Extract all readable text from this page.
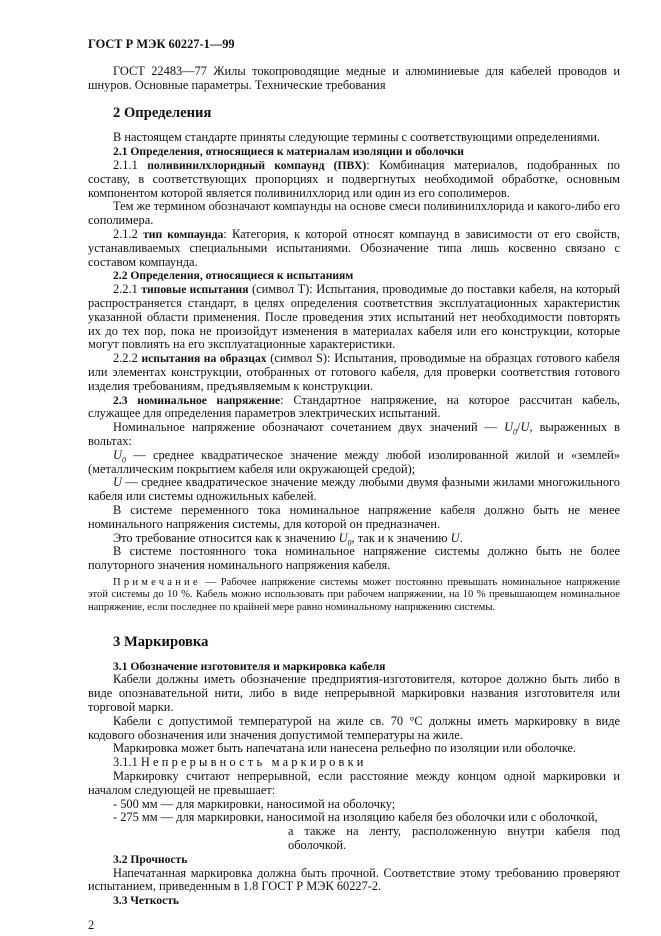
ГОСТ Р МЭК 60227-1—99

ГОСТ 22483—77 Жилы токопроводящие медные и алюминиевые для кабелей проводов и шнуров. Основные параметры. Технические требования

2 Определения

В настоящем стандарте приняты следующие термины с соответствующими определениями.

2.1 Определения, относящиеся к материалам изоляции и оболочки

2.1.1 поливинилхлоридный компаунд (ПВХ): Комбинация материалов, подобранных по составу, в соответствующих пропорциях и подвергнутых необходимой обработке, основным компонентом которой является поливинилхлорид или один из его сополимеров.

Тем же термином обозначают компаунды на основе смеси поливинилхлорида и какого-либо его сополимера.

2.1.2 тип компаунда: Категория, к которой относят компаунд в зависимости от его свойств, устанавливаемых специальными испытаниями. Обозначение типа лишь косвенно связано с составом компаунда.

2.2 Определения, относящиеся к испытаниям

2.2.1 типовые испытания (символ T): Испытания, проводимые до поставки кабеля, на который распространяется стандарт, в целях определения соответствия эксплуатационных характеристик указанной области применения. После проведения этих испытаний нет необходимости повторять их до тех пор, пока не произойдут изменения в материалах кабеля или его конструкции, которые могут повлиять на его эксплуатационные характеристики.

2.2.2 испытания на образцах (символ S): Испытания, проводимые на образцах готового кабеля или элементах конструкции, отобранных от готового кабеля, для проверки соответствия готового изделия требованиям, предъявляемым к конструкции.

2.3 номинальное напряжение: Стандартное напряжение, на которое рассчитан кабель, служащее для определения параметров электрических испытаний.

Номинальное напряжение обозначают сочетанием двух значений — $U_0/U$, выраженных в вольтах:

$U_0$ — среднее квадратическое значение между любой изолированной жилой и «землей» (металлическим покрытием кабеля или окружающей средой);

U — среднее квадратическое значение между любыми двумя фазными жилами многожильного кабеля или системы одножильных кабелей.

В системе переменного тока номинальное напряжение кабеля должно быть не менее номинального напряжения системы, для которой он предназначен.

Это требование относится как к значению $U_0$, так и к значению U.

В системе постоянного тока номинальное напряжение системы должно быть не более полуторного значения номинального напряжения кабеля.

Примечание — Рабочее напряжение системы может постоянно превышать номинальное напряжение этой системы до 10 %. Кабель можно использовать при рабочем напряжении, на 10 % превышающем номинальное напряжение, если последнее по крайней мере равно номинальному напряжению системы.

3 Маркировка

3.1 Обозначение изготовителя и маркировка кабеля

Кабели должны иметь обозначение предприятия-изготовителя, которое должно быть либо в виде опознавательной нити, либо в виде непрерывной маркировки названия изготовителя или торговой марки.

Кабели с допустимой температурой на жиле св. 70 °С должны иметь маркировку в виде кодового обозначения или значения допустимой температуры на жиле.

Маркировка может быть напечатана или нанесена рельефно по изоляции или оболочке.

3.1.1 Непрерывность маркировки

Маркировку считают непрерывной, если расстояние между концом одной маркировки и началом следующей не превышает:

- 500 мм — для маркировки, наносимой на оболочку;

- 275 мм — для маркировки, наносимой на изоляцию кабеля без оболочки или с оболочкой,

а также на ленту, расположенную внутри кабеля под оболочкой.

3.2 Прочность

Напечатанная маркировка должна быть прочной. Соответствие этому требованию проверяют испытанием, приведенным в 1.8 ГОСТ Р МЭК 60227-2.

3.3 Четкость

2
